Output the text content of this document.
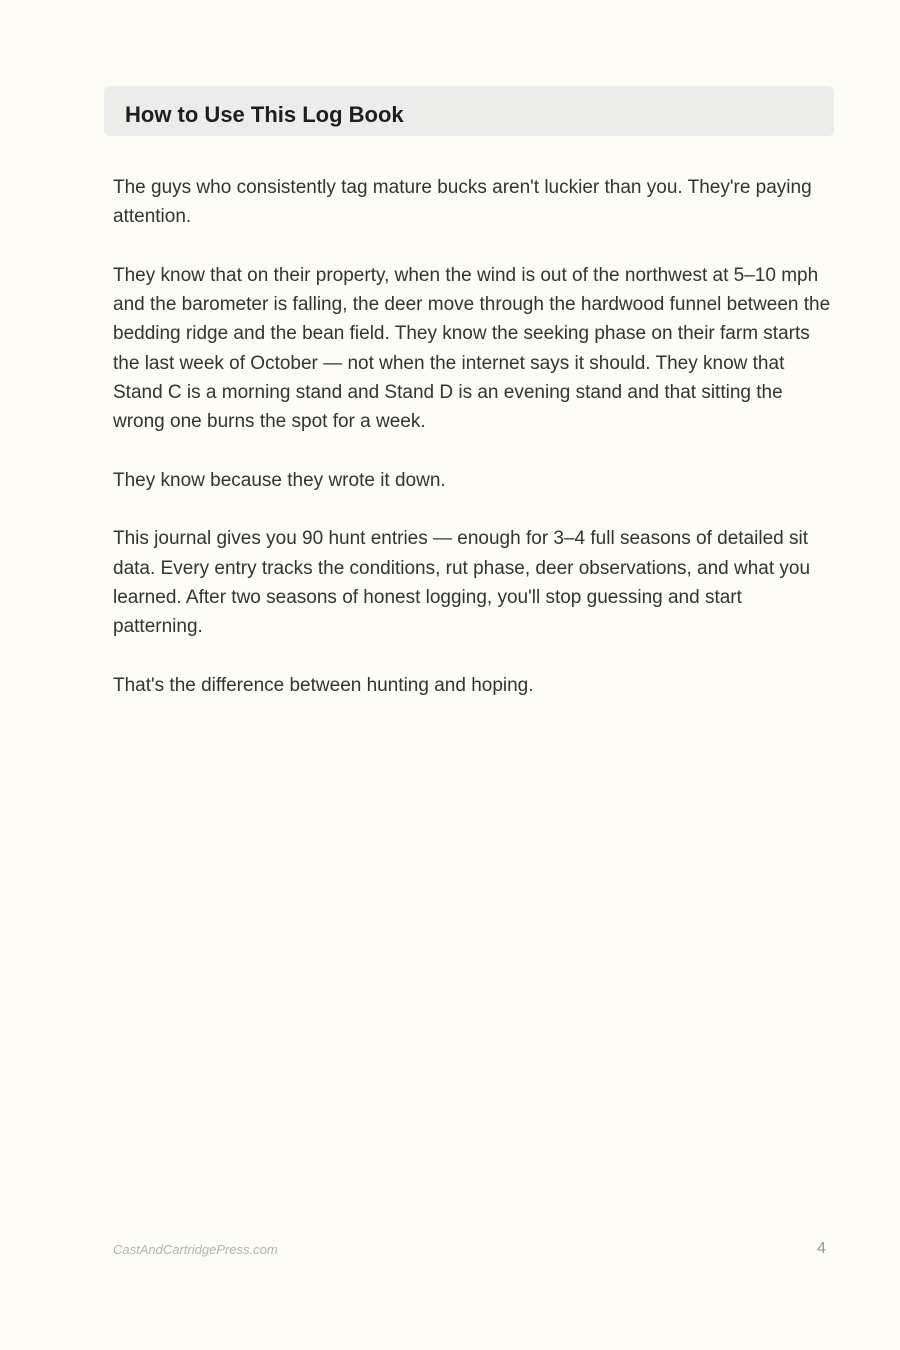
How to Use This Log Book

The guys who consistently tag mature bucks aren't luckier than you. They're paying attention.

They know that on their property, when the wind is out of the northwest at 5–10 mph and the barometer is falling, the deer move through the hardwood funnel between the bedding ridge and the bean field. They know the seeking phase on their farm starts the last week of October — not when the internet says it should. They know that Stand C is a morning stand and Stand D is an evening stand and that sitting the wrong one burns the spot for a week.

They know because they wrote it down.

This journal gives you 90 hunt entries — enough for 3–4 full seasons of detailed sit data. Every entry tracks the conditions, rut phase, deer observations, and what you learned. After two seasons of honest logging, you'll stop guessing and start patterning.

That's the difference between hunting and hoping.

CastAndCartridgePress.com	4
